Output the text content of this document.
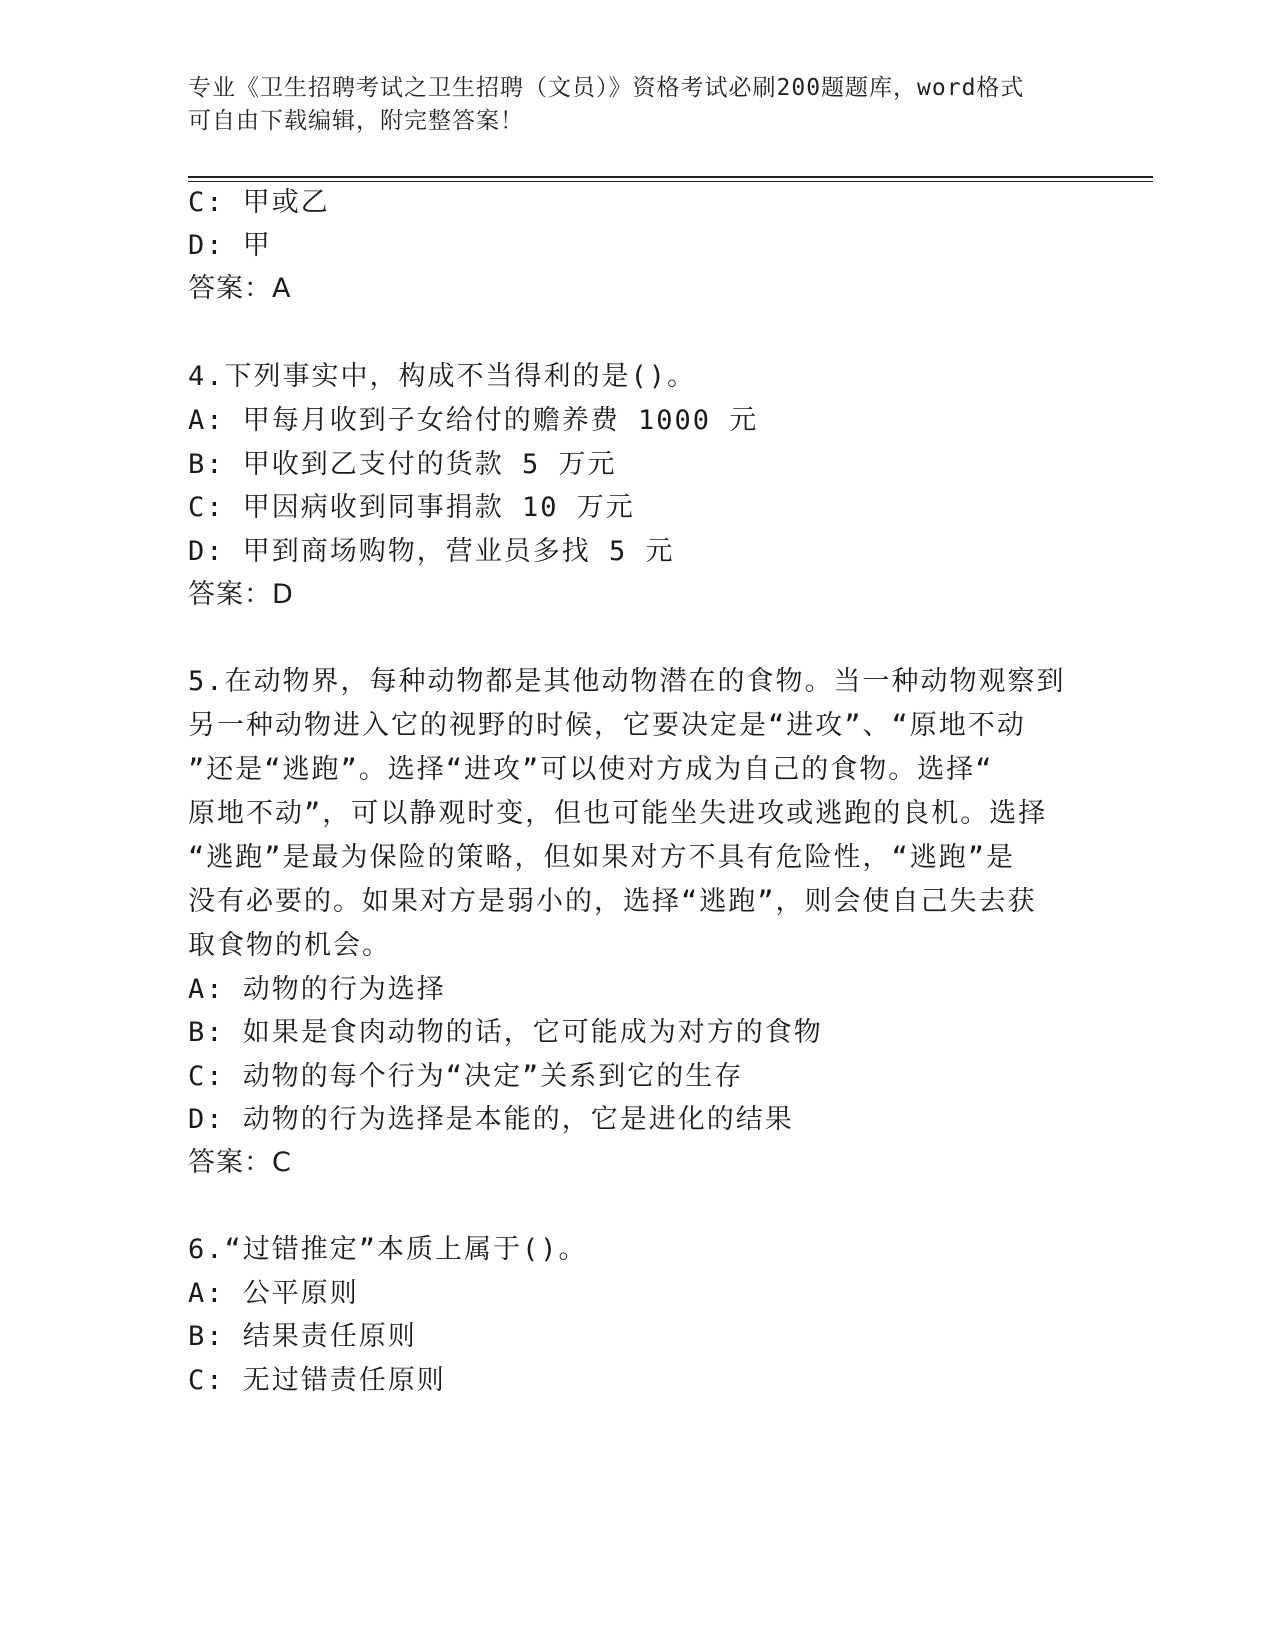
专业《卫生招聘考试之卫生招聘（文员）》资格考试必刷200题题库，word格式
可自由下载编辑，附完整答案！
C: 甲或乙
D: 甲
答案：A
4.下列事实中，构成不当得利的是()。
A: 甲每月收到子女给付的赡养费 1000 元
B: 甲收到乙支付的货款 5 万元
C: 甲因病收到同事捐款 10 万元
D: 甲到商场购物，营业员多找 5 元
答案：D
5.在动物界，每种动物都是其他动物潜在的食物。当一种动物观察到
另一种动物进入它的视野的时候，它要决定是“进攻”、“原地不动
”还是“逃跑”。选择“进攻”可以使对方成为自己的食物。选择“
原地不动”，可以静观时变，但也可能坐失进攻或逃跑的良机。选择
“逃跑”是最为保险的策略，但如果对方不具有危险性，“逃跑”是
没有必要的。如果对方是弱小的，选择“逃跑”，则会使自己失去获
取食物的机会。
A: 动物的行为选择
B: 如果是食肉动物的话，它可能成为对方的食物
C: 动物的每个行为“决定”关系到它的生存
D: 动物的行为选择是本能的，它是进化的结果
答案：C
6.“过错推定”本质上属于()。
A: 公平原则
B: 结果责任原则
C: 无过错责任原则
